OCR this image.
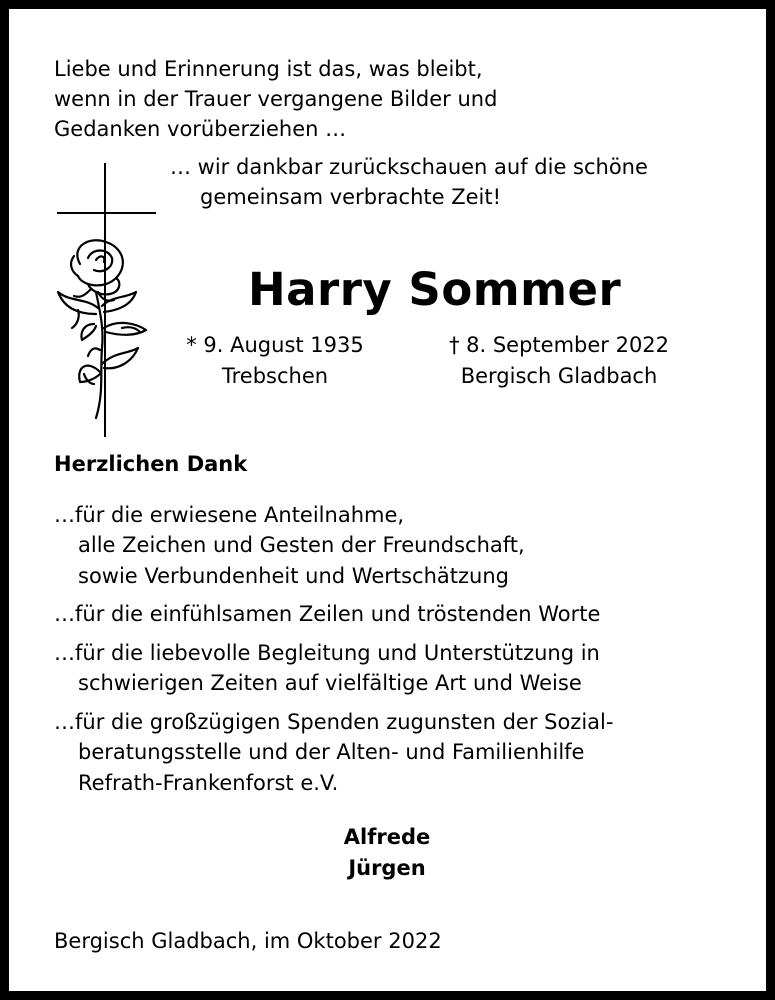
Liebe und Erinnerung ist das, was bleibt,

wenn in der Trauer vergangene Bilder und

Gedanken vorüberziehen …

… wir dankbar zurückschauen auf die schöne

gemeinsam verbrachte Zeit!

Harry Sommer

* 9. August 1935

Trebschen

† 8. September 2022

Bergisch Gladbach

Herzlichen Dank

…für die erwiesene Anteilnahme,

alle Zeichen und Gesten der Freundschaft,

sowie Verbundenheit und Wertschätzung

…für die einfühlsamen Zeilen und tröstenden Worte

…für die liebevolle Begleitung und Unterstützung in

schwierigen Zeiten auf vielfältige Art und Weise

…für die großzügigen Spenden zugunsten der Sozial-

beratungsstelle und der Alten- und Familienhilfe

Refrath-Frankenforst e.V.

Alfrede

Jürgen

Bergisch Gladbach, im Oktober 2022
